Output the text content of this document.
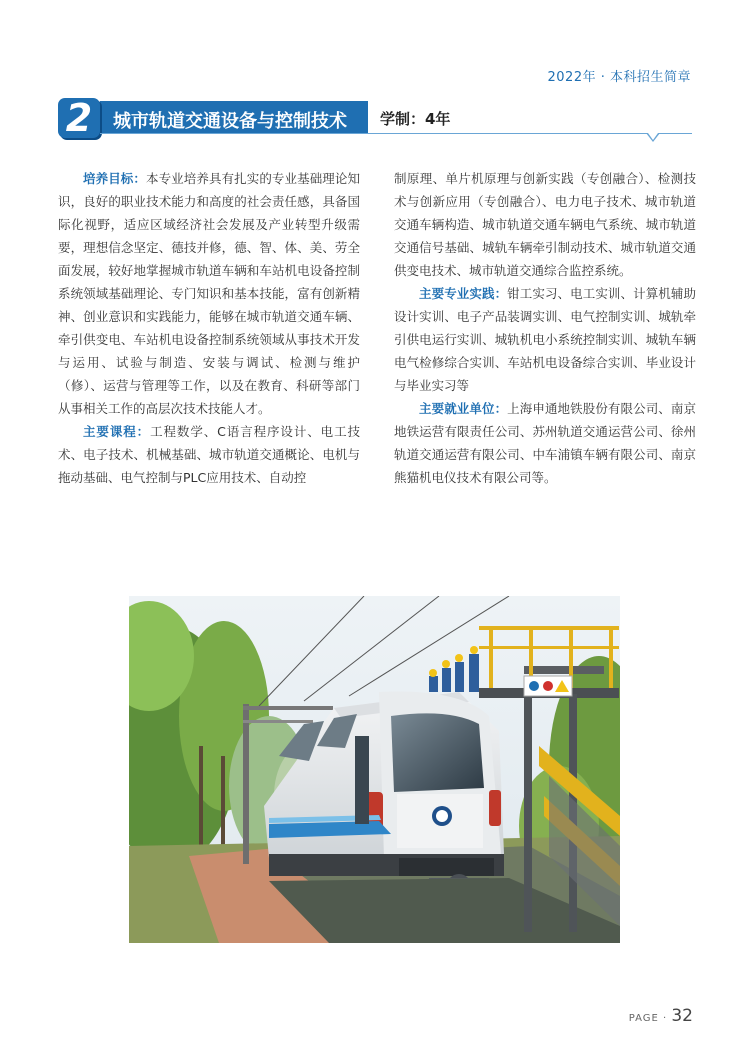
2022年 · 本科招生简章
2	城市轨道交通设备与控制技术 学制：4年

培养目标：本专业培养具有扎实的专业基础理论知识，良好的职业技术能力和高度的社会责任感，具备国际化视野，适应区域经济社会发展及产业转型升级需要，理想信念坚定、德技并修，德、智、体、美、劳全面发展，较好地掌握城市轨道车辆和车站机电设备控制系统领域基础理论、专门知识和基本技能，富有创新精神、创业意识和实践能力，能够在城市轨道交通车辆、牵引供变电、车站机电设备控制系统领域从事技术开发与运用、试验与制造、安装与调试、检测与维护（修）、运营与管理等工作，以及在教育、科研等部门从事相关工作的高层次技术技能人才。

主要课程：工程数学、C语言程序设计、电工技术、电子技术、机械基础、城市轨道交通概论、电机与拖动基础、电气控制与PLC应用技术、自动控

制原理、单片机原理与创新实践（专创融合）、检测技术与创新应用（专创融合）、电力电子技术、城市轨道交通车辆构造、城市轨道交通车辆电气系统、城市轨道交通信号基础、城轨车辆牵引制动技术、城市轨道交通供变电技术、城市轨道交通综合监控系统。

主要专业实践：钳工实习、电工实训、计算机辅助设计实训、电子产品装调实训、电气控制实训、城轨牵引供电运行实训、城轨机电小系统控制实训、城轨车辆电气检修综合实训、车站机电设备综合实训、毕业设计与毕业实习等

主要就业单位：上海申通地铁股份有限公司、南京地铁运营有限责任公司、苏州轨道交通运营公司、徐州轨道交通运营有限公司、中车浦镇车辆有限公司、南京熊猫机电仪技术有限公司等。

PAGE · 32
